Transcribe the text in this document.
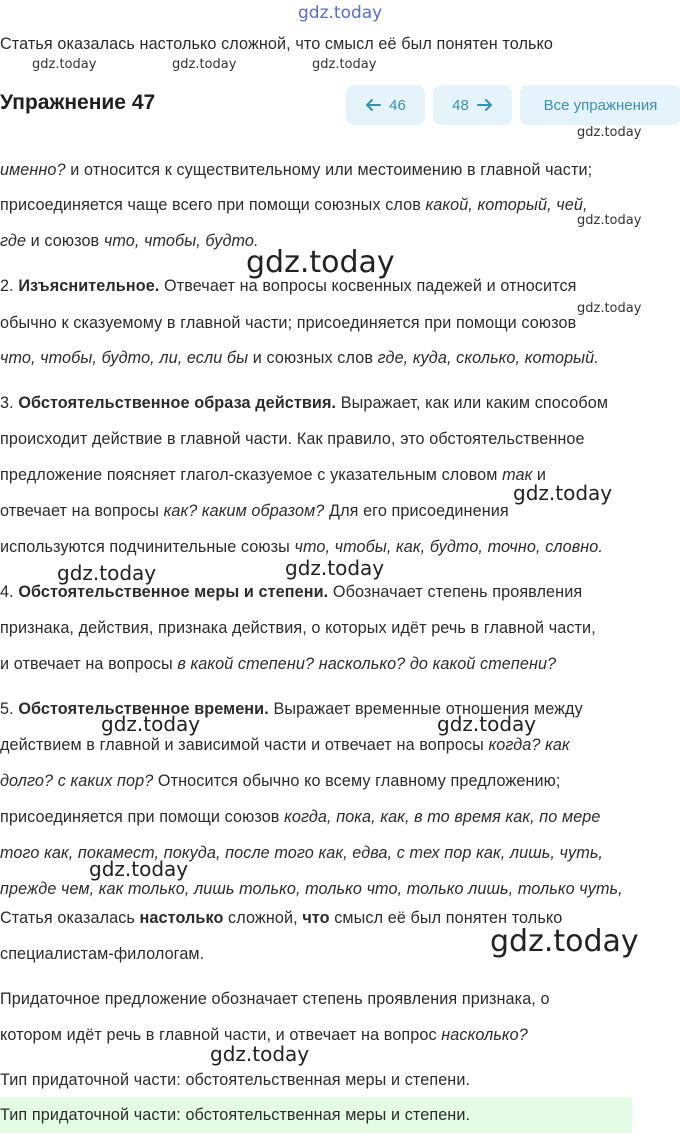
gdz.today
Статья оказалась настолько сложной, что смысл её был понятен только
gdz.today	gdz.today	gdz.today
Упражнение 47	46	48	Все упражнения
gdz.today
именно? и относится к существительному или местоимению в главной части;
присоединяется чаще всего при помощи союзных слов какой, который, чей,
gdz.today
где и союзов что, чтобы, будто.
gdz.today
2. Изъяснительное. Отвечает на вопросы косвенных падежей и относится
gdz.today
обычно к сказуемому в главной части; присоединяется при помощи союзов
что, чтобы, будто, ли, если бы и союзных слов где, куда, сколько, который.
3. Обстоятельственное образа действия. Выражает, как или каким способом
происходит действие в главной части. Как правило, это обстоятельственное
предложение поясняет глагол-сказуемое с указательным словом так и
gdz.today
отвечает на вопросы как? каким образом? Для его присоединения
используются подчинительные союзы что, чтобы, как, будто, точно, словно.
gdz.today	gdz.today
4. Обстоятельственное меры и степени. Обозначает степень проявления
признака, действия, признака действия, о которых идёт речь в главной части,
и отвечает на вопросы в какой степени? насколько? до какой степени?
5. Обстоятельственное времени. Выражает временные отношения между
gdz.today	gdz.today
действием в главной и зависимой части и отвечает на вопросы когда? как
долго? с каких пор? Относится обычно ко всему главному предложению;
присоединяется при помощи союзов когда, пока, как, в то время как, по мере
того как, покамест, покуда, после того как, едва, с тех пор как, лишь, чуть,
gdz.today
прежде чем, как только, лишь только, только что, только лишь, только чуть,
Статья оказалась настолько сложной, что смысл её был понятен только
gdz.today
специалистам-филологам.
Придаточное предложение обозначает степень проявления признака, о
котором идёт речь в главной части, и отвечает на вопрос насколько?
gdz.today
Тип придаточной части: обстоятельственная меры и степени.
Тип придаточной части: обстоятельственная меры и степени.
